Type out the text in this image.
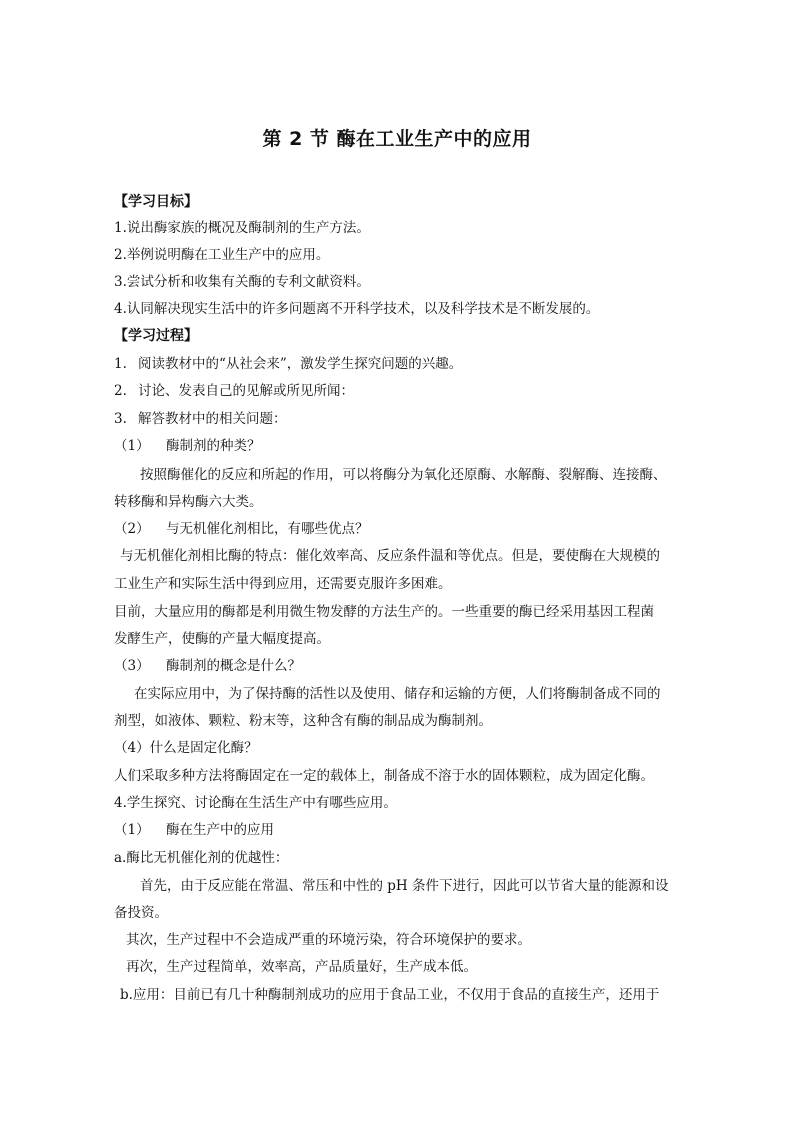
第 2 节 酶在工业生产中的应用
【学习目标】
1.说出酶家族的概况及酶制剂的生产方法。
2.举例说明酶在工业生产中的应用。
3.尝试分析和收集有关酶的专利文献资料。
4.认同解决现实生活中的许多问题离不开科学技术，以及科学技术是不断发展的。
【学习过程】
1. 阅读教材中的“从社会来”，激发学生探究问题的兴趣。
2. 讨论、发表自己的见解或所见所闻：
3. 解答教材中的相关问题：
（1） 酶制剂的种类？
按照酶催化的反应和所起的作用，可以将酶分为氧化还原酶、水解酶、裂解酶、连接酶、
转移酶和异构酶六大类。
（2） 与无机催化剂相比，有哪些优点？
与无机催化剂相比酶的特点：催化效率高、反应条件温和等优点。但是，要使酶在大规模的
工业生产和实际生活中得到应用，还需要克服许多困难。
目前，大量应用的酶都是利用微生物发酵的方法生产的。一些重要的酶已经采用基因工程菌
发酵生产，使酶的产量大幅度提高。
（3） 酶制剂的概念是什么？
在实际应用中，为了保持酶的活性以及使用、储存和运输的方便，人们将酶制备成不同的
剂型，如液体、颗粒、粉末等，这种含有酶的制品成为酶制剂。
（4）什么是固定化酶？
人们采取多种方法将酶固定在一定的载体上，制备成不溶于水的固体颗粒，成为固定化酶。
4.学生探究、讨论酶在生活生产中有哪些应用。
（1） 酶在生产中的应用
a.酶比无机催化剂的优越性：
首先，由于反应能在常温、常压和中性的 pH 条件下进行，因此可以节省大量的能源和设
备投资。
其次，生产过程中不会造成严重的环境污染，符合环境保护的要求。
再次，生产过程简单，效率高，产品质量好，生产成本低。
b.应用：目前已有几十种酶制剂成功的应用于食品工业，不仅用于食品的直接生产，还用于
